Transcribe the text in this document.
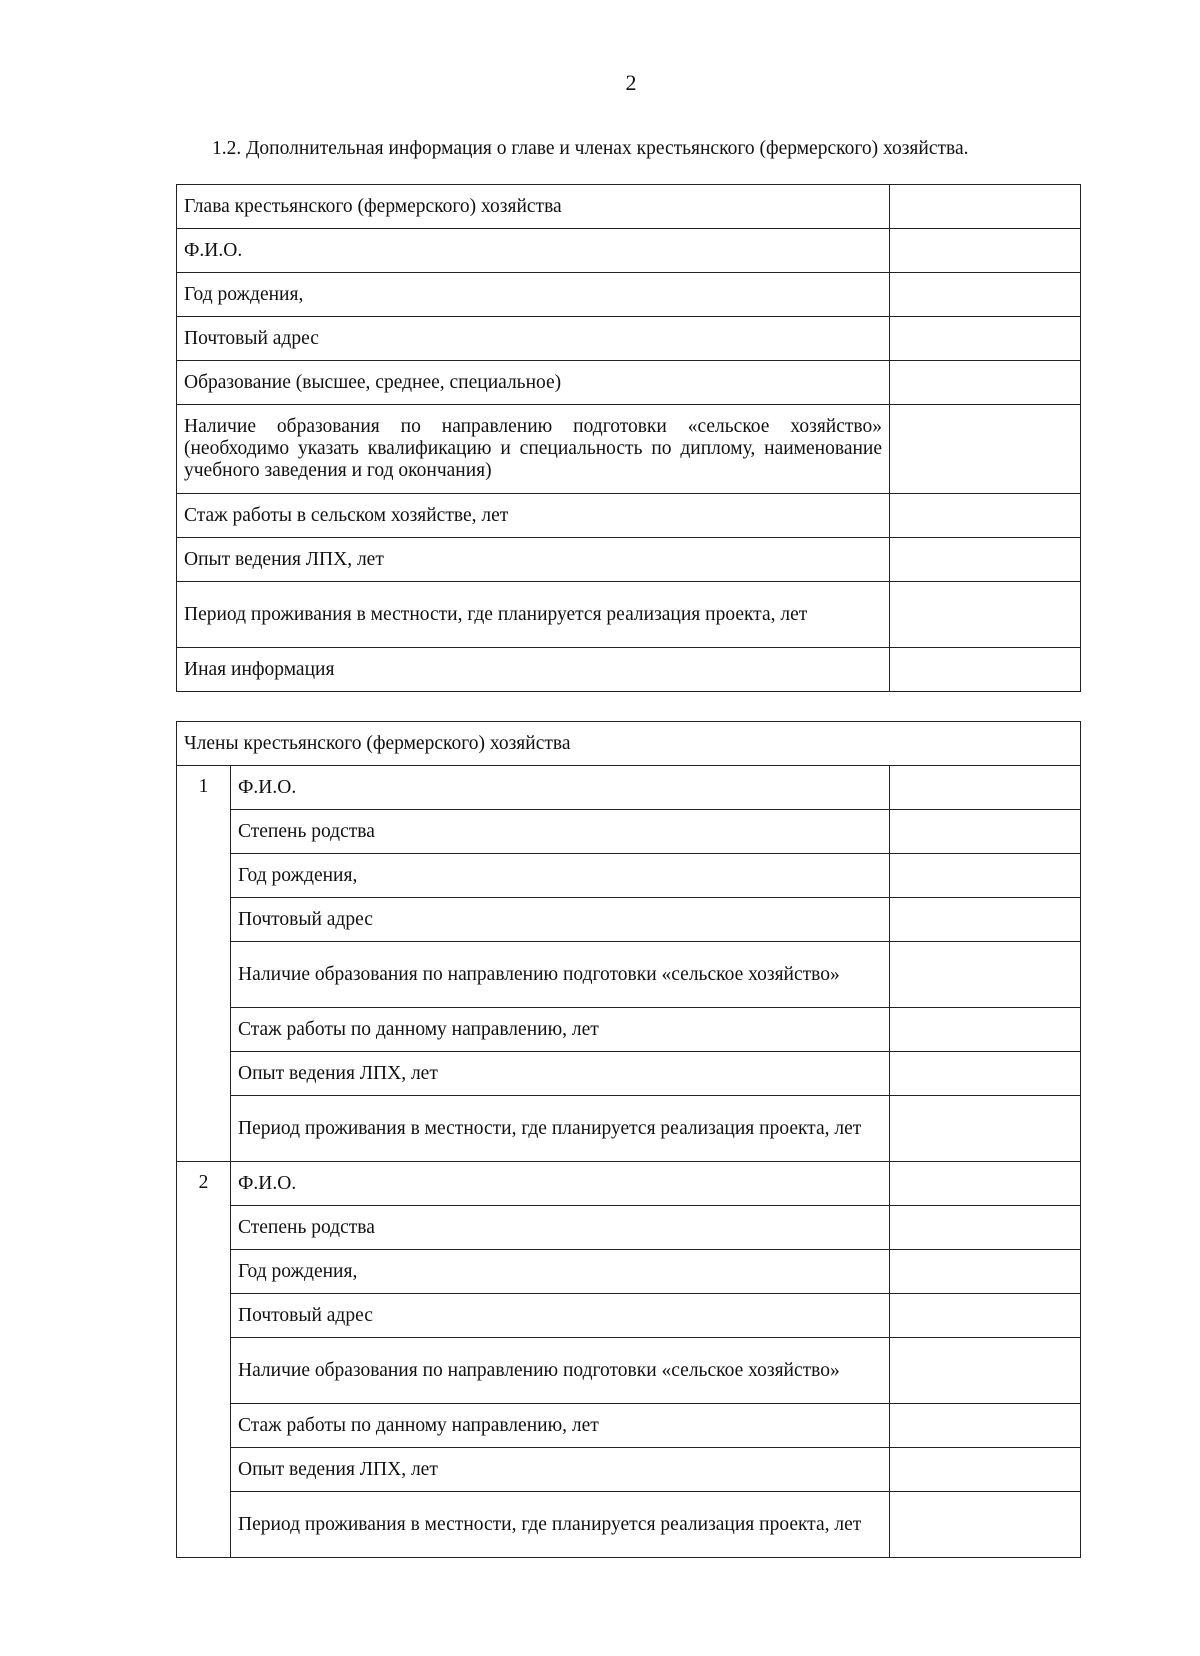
2
1.2. Дополнительная информация о главе и членах крестьянского (фермерского) хозяйства.
Глава крестьянского (фермерского) хозяйства	
Ф.И.О.	
Год рождения,	
Почтовый адрес	
Образование (высшее, среднее, специальное)	
Наличие образования по направлению подготовки «сельское хозяйство» (необходимо указать квалификацию и специальность по диплому, наименование учебного заведения и год окончания)	
Стаж работы в сельском хозяйстве, лет	
Опыт ведения ЛПХ, лет	
Период проживания в местности, где планируется реализация проекта, лет	
Иная информация	
Члены крестьянского (фермерского) хозяйства		
1	Ф.И.О.	
	Степень родства	
	Год рождения,	
	Почтовый адрес	
	Наличие образования по направлению подготовки «сельское хозяйство»	
	Стаж работы по данному направлению, лет	
	Опыт ведения ЛПХ, лет	
	Период проживания в местности, где планируется реализация проекта, лет	
2	Ф.И.О.	
	Степень родства	
	Год рождения,	
	Почтовый адрес	
	Наличие образования по направлению подготовки «сельское хозяйство»	
	Стаж работы по данному направлению, лет	
	Опыт ведения ЛПХ, лет	
	Период проживания в местности, где планируется реализация проекта, лет	
